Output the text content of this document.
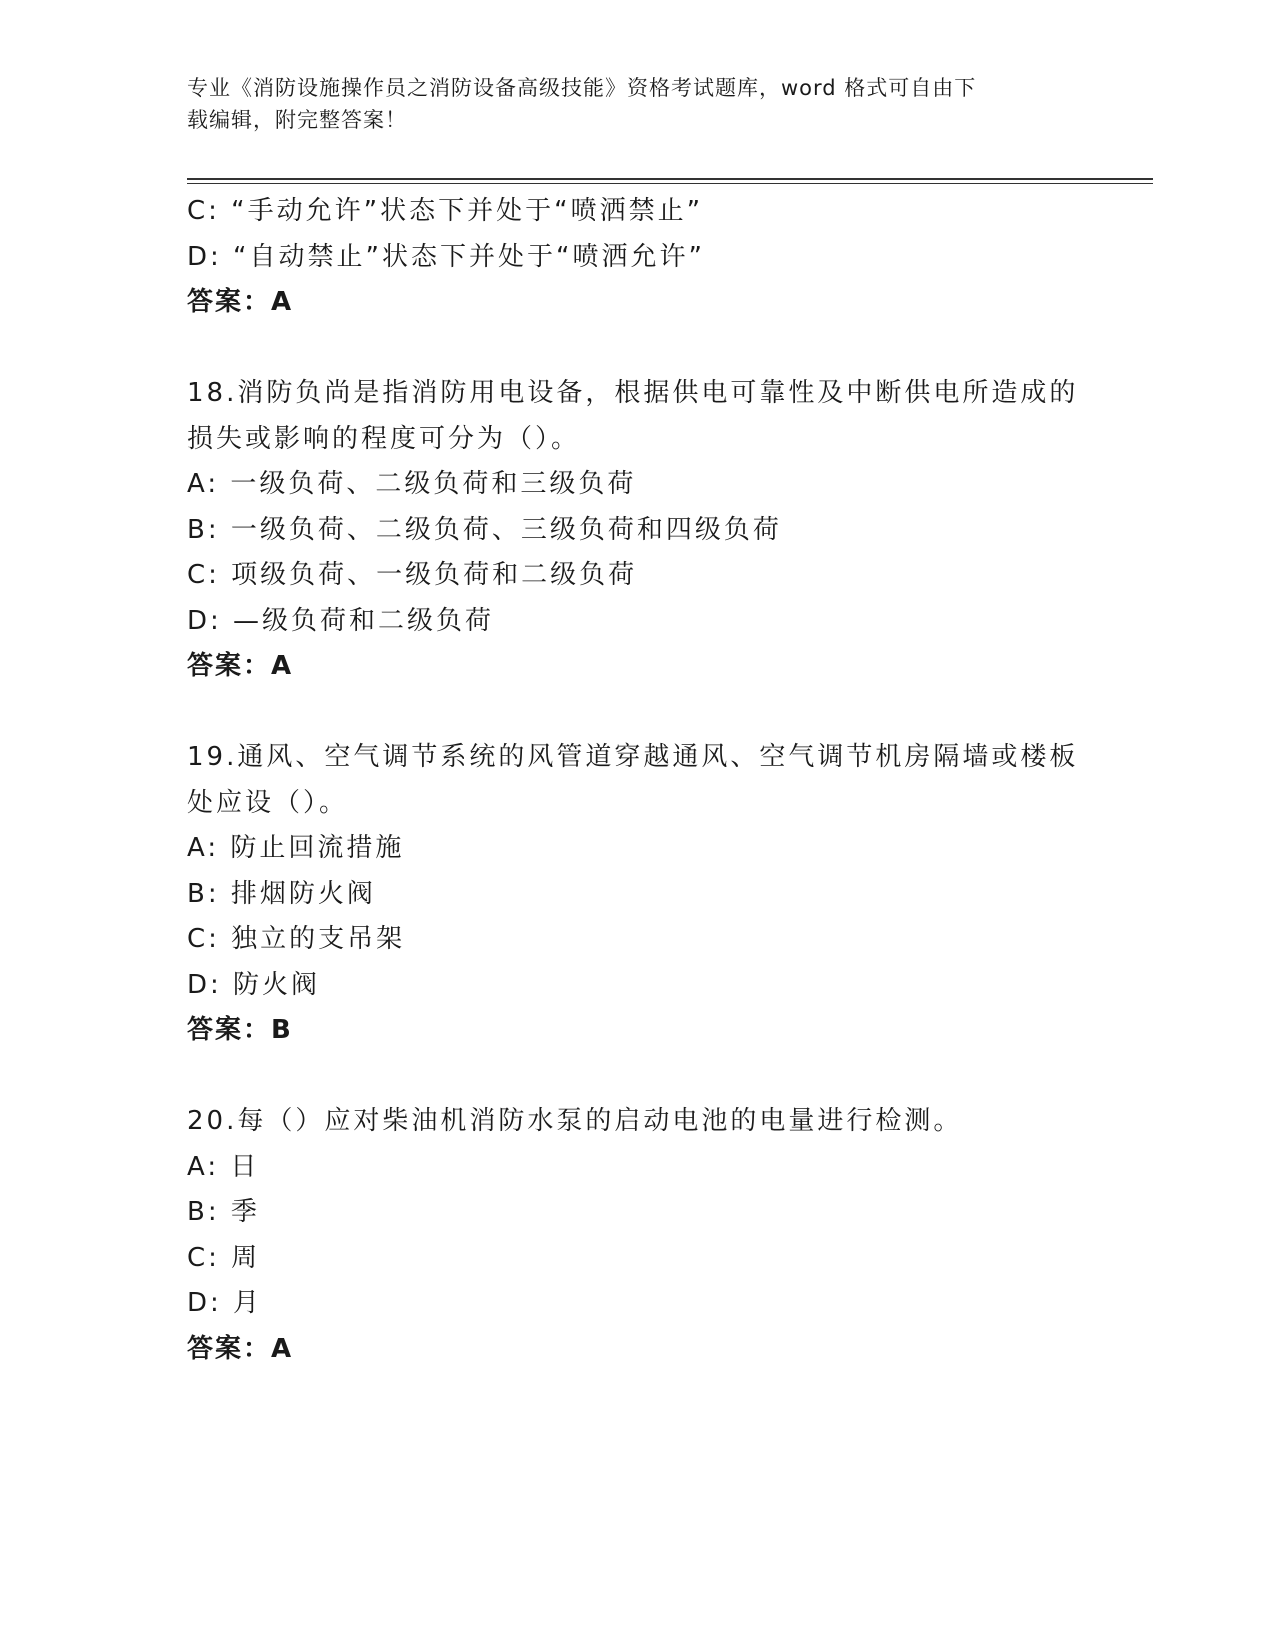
专业《消防设施操作员之消防设备高级技能》资格考试题库，word 格式可自由下
载编辑，附完整答案！
C: “手动允许”状态下并处于“喷洒禁止”
D: “自动禁止”状态下并处于“喷洒允许”
答案：A
18.消防负尚是指消防用电设备，根据供电可靠性及中断供电所造成的
损失或影响的程度可分为（）。
A: 一级负荷、二级负荷和三级负荷
B: 一级负荷、二级负荷、三级负荷和四级负荷
C: 项级负荷、一级负荷和二级负荷
D: —级负荷和二级负荷
答案：A
19.通风、空气调节系统的风管道穿越通风、空气调节机房隔墙或楼板
处应设（）。
A: 防止回流措施
B: 排烟防火阀
C: 独立的支吊架
D: 防火阀
答案：B
20.每（）应对柴油机消防水泵的启动电池的电量进行检测。
A: 日
B: 季
C: 周
D: 月
答案：A
